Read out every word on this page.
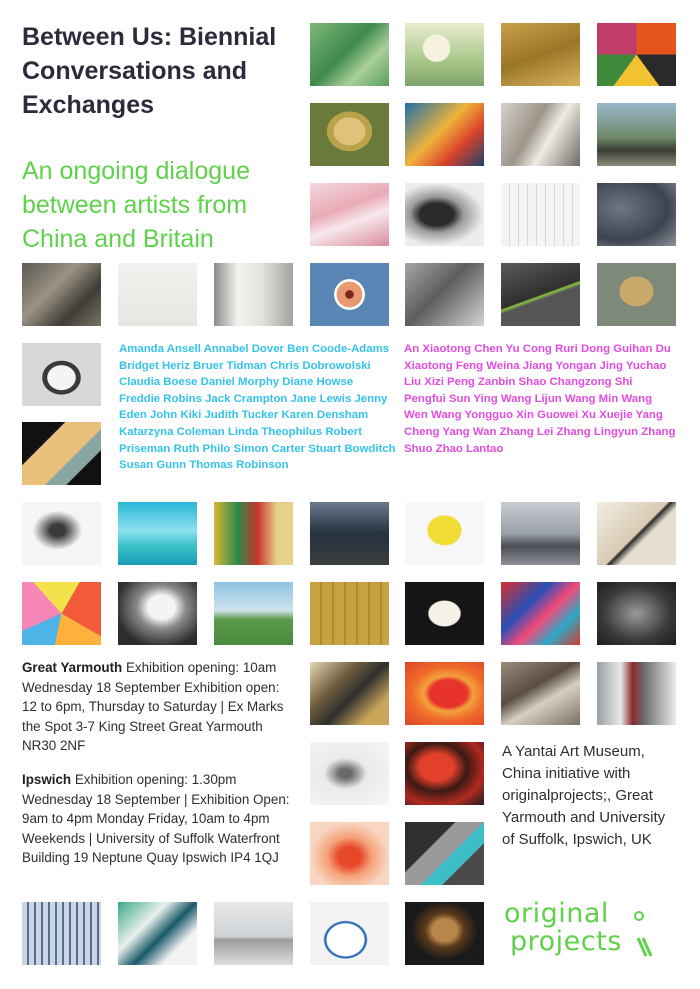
Between Us: Biennial Conversations and Exchanges

An ongoing dialogue between artists from China and Britain

Amanda Ansell Annabel Dover Ben Coode-Adams Bridget Heriz Bruer Tidman Chris Dobrowolski Claudia Boese Daniel Morphy Diane Howse Freddie Robins Jack Crampton Jane Lewis Jenny Eden John Kiki Judith Tucker Karen Densham Katarzyna Coleman Linda Theophilus Robert Priseman Ruth Philo Simon Carter Stuart Bowditch Susan Gunn Thomas Robinson

An Xiaotong Chen Yu Cong Ruri Dong Guihan Du Xiaotong Feng Weina Jiang Yongan Jing Yuchao Liu Xizi Peng Zanbin Shao Changzong Shi Pengfui Sun Ying Wang Lijun Wang Min Wang Wen Wang Yongguo Xin Guowei Xu Xuejie Yang Cheng Yang Wan Zhang Lei Zhang Lingyun Zhang Shuo Zhao Lantao

Great Yarmouth Exhibition opening: 10am Wednesday 18 September Exhibition open: 12 to 6pm, Thursday to Saturday | Ex Marks the Spot 3-7 King Street Great Yarmouth NR30 2NF

Ipswich Exhibition opening: 1.30pm Wednesday 18 September | Exhibition Open: 9am to 4pm Monday Friday, 10am to 4pm Weekends | University of Suffolk Waterfront Building 19 Neptune Quay Ipswich IP4 1QJ

A Yantai Art Museum, China initiative with originalprojects;, Great Yarmouth and University of Suffolk, Ipswich, UK

original
projects
